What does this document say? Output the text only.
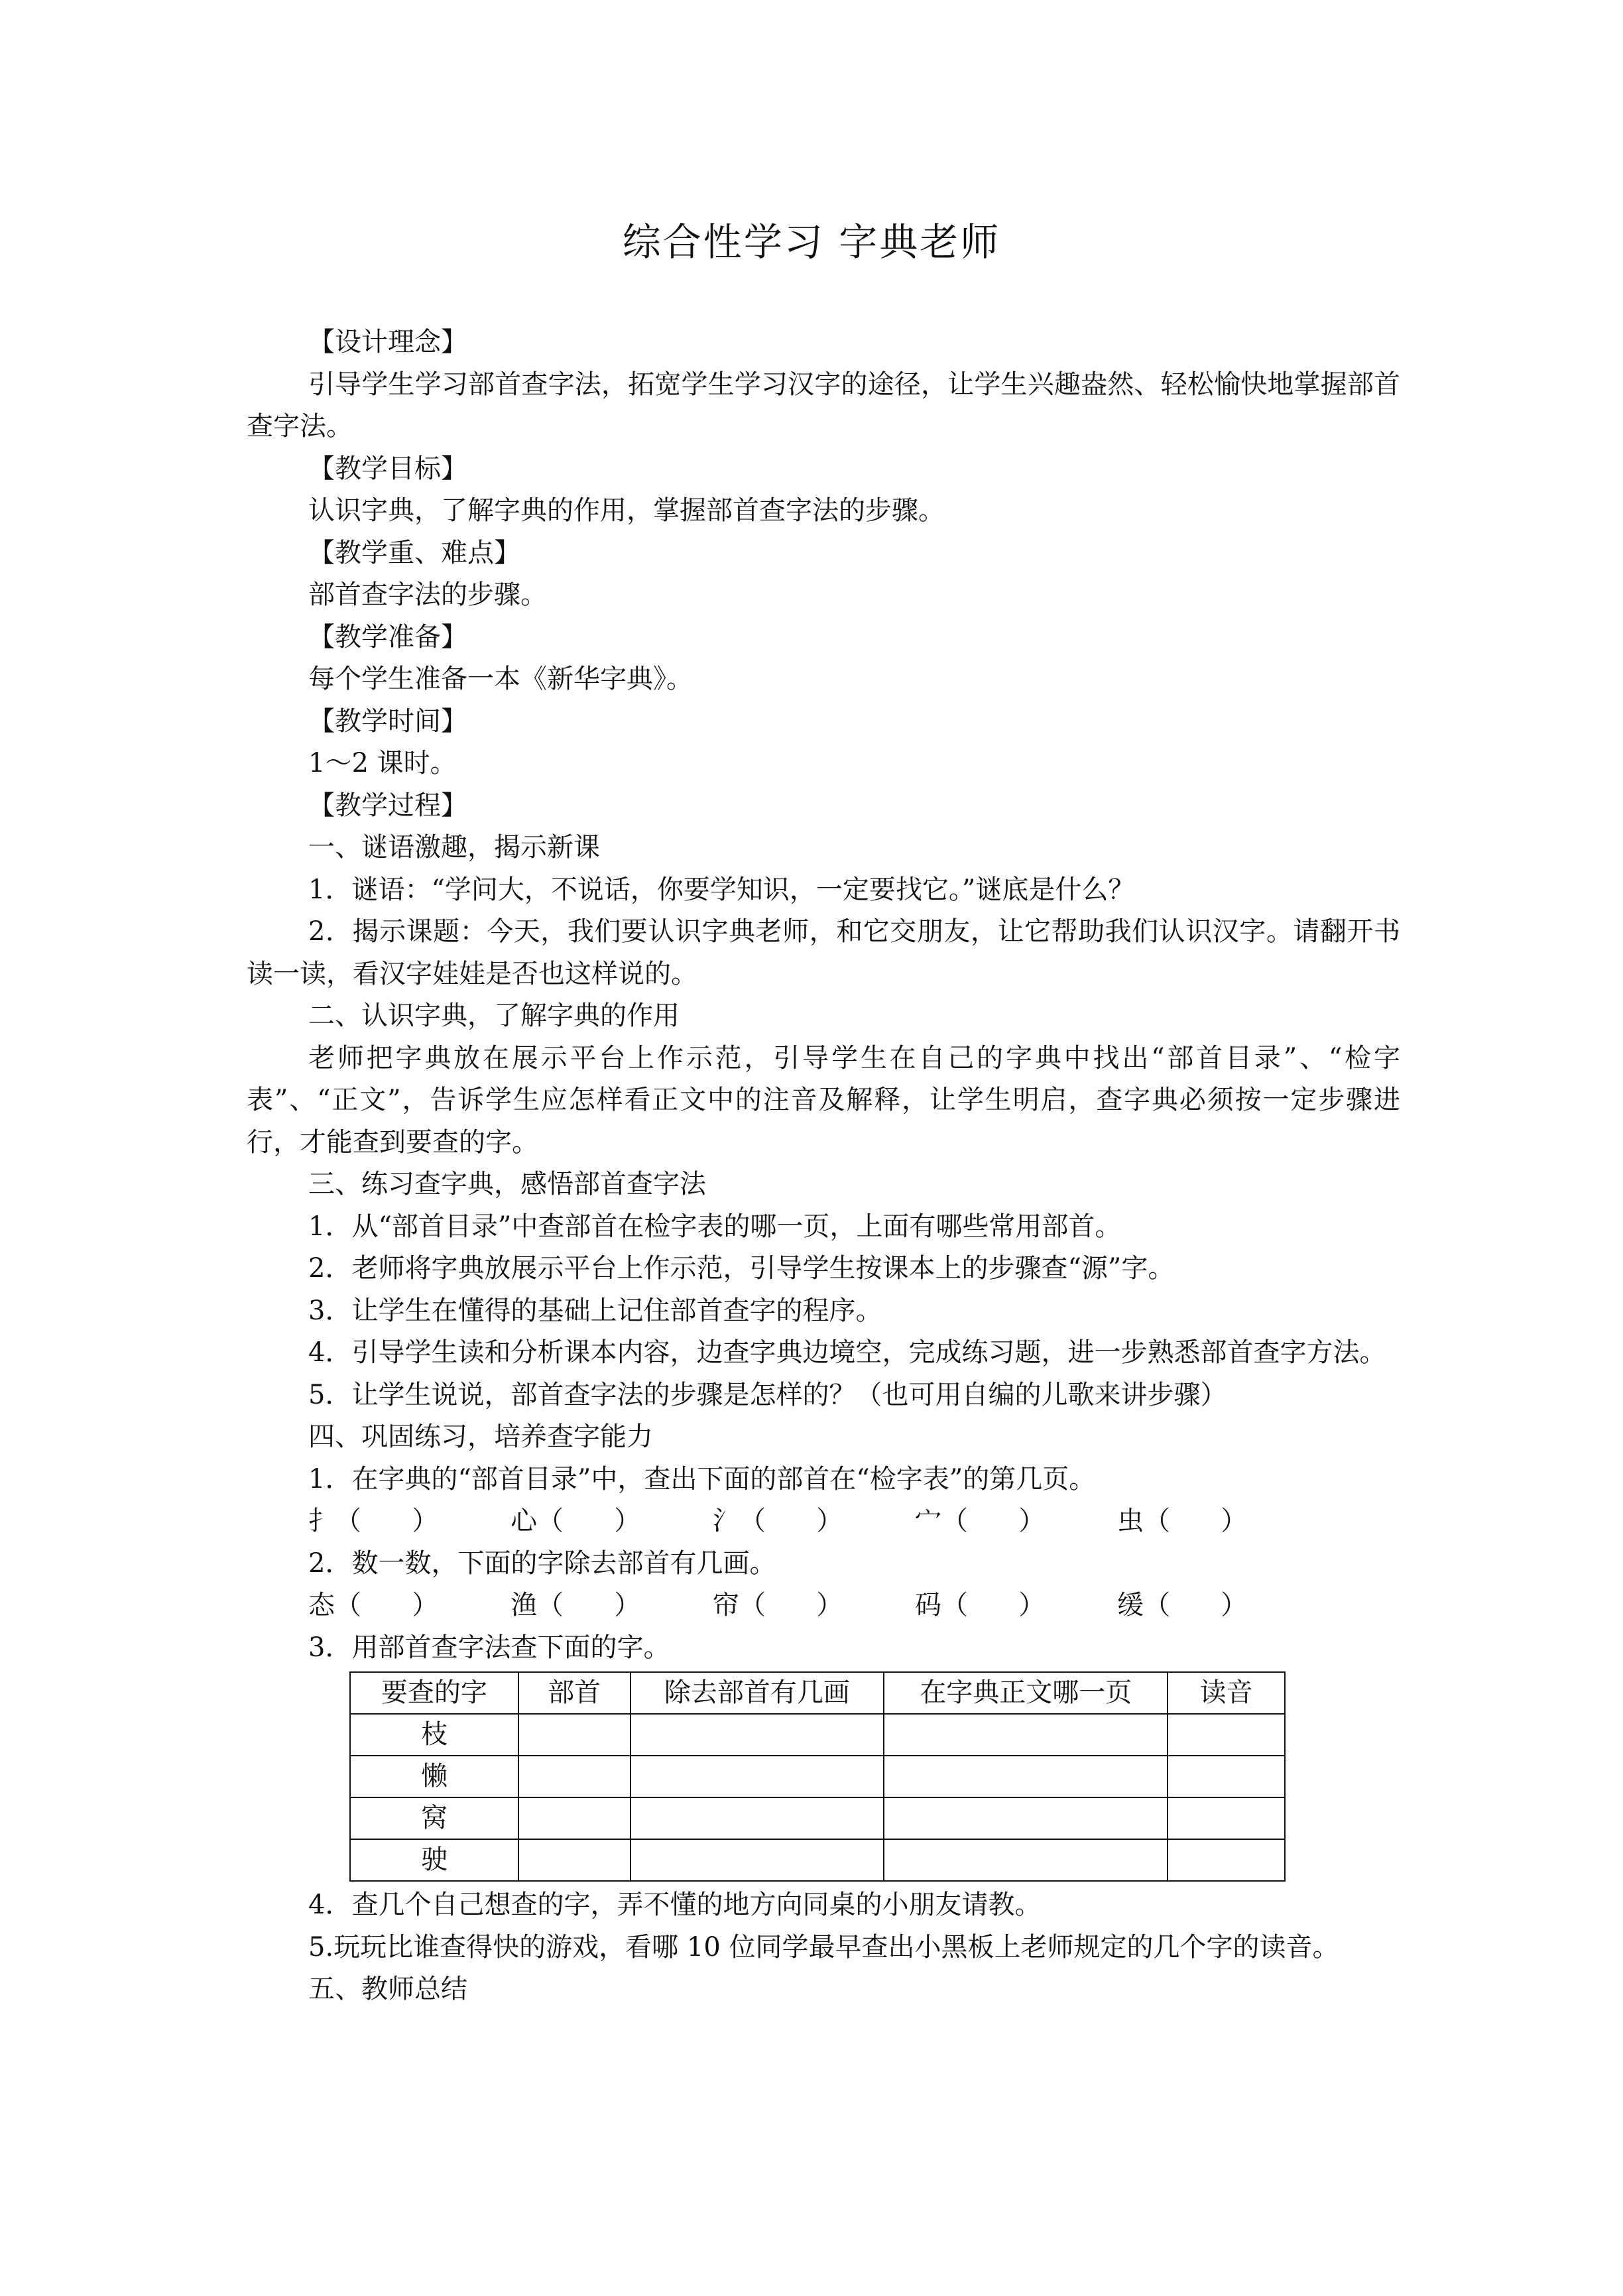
综合性学习 字典老师

【设计理念】

引导学生学习部首查字法，拓宽学生学习汉字的途径，让学生兴趣盎然、轻松愉快地掌握部首查字法。

【教学目标】

认识字典，了解字典的作用，掌握部首查字法的步骤。

【教学重、难点】

部首查字法的步骤。

【教学准备】

每个学生准备一本《新华字典》。

【教学时间】

1～2 课时。

【教学过程】

一、谜语激趣，揭示新课

1．谜语：“学问大，不说话，你要学知识，一定要找它。”谜底是什么？

2．揭示课题：今天，我们要认识字典老师，和它交朋友，让它帮助我们认识汉字。请翻开书读一读，看汉字娃娃是否也这样说的。

二、认识字典，了解字典的作用

老师把字典放在展示平台上作示范，引导学生在自己的字典中找出“部首目录”、“检字表”、“正文”，告诉学生应怎样看正文中的注音及解释，让学生明启，查字典必须按一定步骤进行，才能查到要查的字。

三、练习查字典，感悟部首查字法

1．从“部首目录”中查部首在检字表的哪一页，上面有哪些常用部首。

2．老师将字典放展示平台上作示范，引导学生按课本上的步骤查“源”字。

3．让学生在懂得的基础上记住部首查字的程序。

4．引导学生读和分析课本内容，边查字典边境空，完成练习题，进一步熟悉部首查字方法。

5．让学生说说，部首查字法的步骤是怎样的？（也可用自编的儿歌来讲步骤）

四、巩固练习，培养查字能力

1．在字典的“部首目录”中，查出下面的部首在“检字表”的第几页。

扌（      ）	心（      ）	氵（      ）	宀（      ）	虫（      ）

2．数一数，下面的字除去部首有几画。

态（      ）	渔（      ）	帘（      ）	码（      ）	缓（      ）

3．用部首查字法查下面的字。

要查的字	部首	除去部首有几画	在字典正文哪一页	读音
枝				
懒				
窝				
驶				

4．查几个自己想查的字，弄不懂的地方向同桌的小朋友请教。

5.玩玩比谁查得快的游戏，看哪 10 位同学最早查出小黑板上老师规定的几个字的读音。

五、教师总结
